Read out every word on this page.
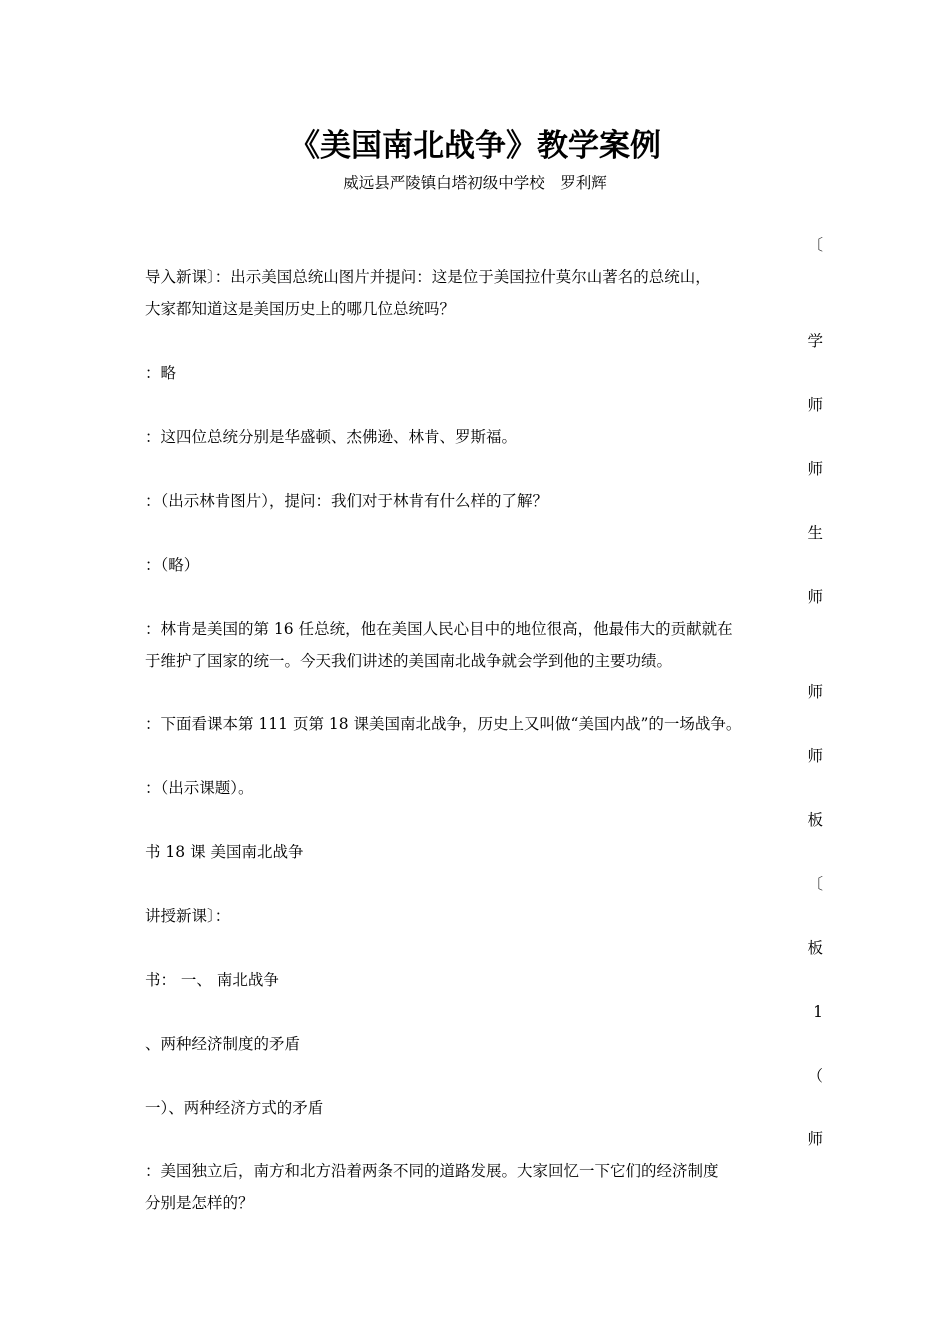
《美国南北战争》教学案例
威远县严陵镇白塔初级中学校　罗利辉
〔
学
师
师
生
师
师
师
板
〔
板
1
（
师
导入新课〕：出示美国总统山图片并提问：这是位于美国拉什莫尔山著名的总统山，
大家都知道这是美国历史上的哪几位总统吗？
：略
：这四位总统分别是华盛顿、杰佛逊、林肯、罗斯福。
：（出示林肯图片），提问：我们对于林肯有什么样的了解？
：（略）
：林肯是美国的第 16 任总统，他在美国人民心目中的地位很高，他最伟大的贡献就在
于维护了国家的统一。今天我们讲述的美国南北战争就会学到他的主要功绩。
：下面看课本第 111 页第 18 课美国南北战争，历史上又叫做“美国内战”的一场战争。
：（出示课题）。
书 18 课 美国南北战争
讲授新课〕：
书： 一、 南北战争
、两种经济制度的矛盾
一）、两种经济方式的矛盾
：美国独立后，南方和北方沿着两条不同的道路发展。大家回忆一下它们的经济制度
分别是怎样的？
